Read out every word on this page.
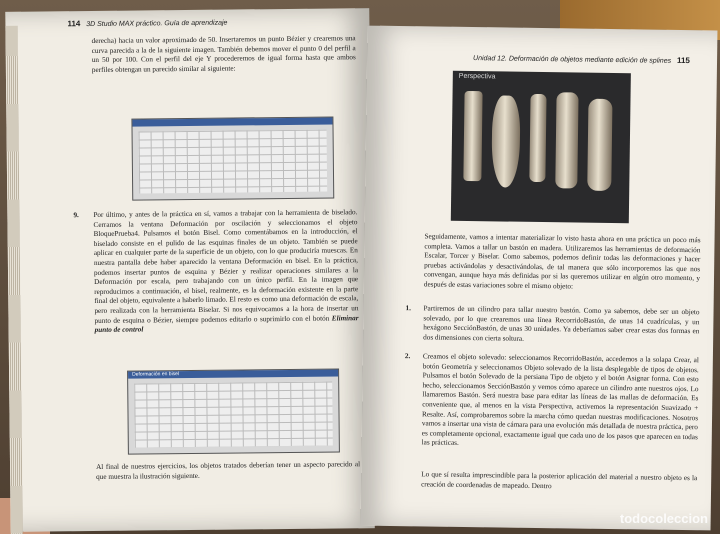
114 3D Studio MAX práctico. Guía de aprendizaje
derecha) hacia un valor aproximado de 50. Insertaremos un punto Bézier y crearemos una curva parecida a la de la siguiente imagen. También debemos mover el punto 0 del perfil a un 50 por 100. Con el perfil del eje Y procederemos de igual forma hasta que ambos perfiles obtengan un parecido similar al siguiente:
9.	Por último, y antes de la práctica en sí, vamos a trabajar con la herramienta de biselado. Cerramos la ventana Deformación por oscilación y seleccionamos el objeto BloquePrueba4. Pulsamos el botón Bisel. Como comentábamos en la introducción, el biselado consiste en el pulido de las esquinas finales de un objeto. También se puede aplicar en cualquier parte de la superficie de un objeto, con lo que produciría muescas. En nuestra pantalla debe haber aparecido la ventana Deformación en bisel. En la práctica, podemos insertar puntos de esquina y Bézier y realizar operaciones similares a la Deformación por escala, pero trabajando con un único perfil. En la imagen que reproducimos a continuación, el bisel, realmente, es la deformación existente en la parte final del objeto, equivalente a haberlo limado. El resto es como una deformación de escala, pero realizada con la herramienta Biselar. Si nos equivocamos a la hora de insertar un punto de esquina o Bézier, siempre podemos editarlo o suprimirlo con el botón Eliminar punto de control
Deformación en bisel
Al final de nuestros ejercicios, los objetos tratados deberían tener un aspecto parecido al que muestra la ilustración siguiente.
Unidad 12. Deformación de objetos mediante edición de splines 115
Perspectiva
Seguidamente, vamos a intentar materializar lo visto hasta ahora en una práctica un poco más completa. Vamos a tallar un bastón en madera. Utilizaremos las herramientas de deformación Escalar, Torcer y Biselar. Como sabemos, podemos definir todas las deformaciones y hacer pruebas activándolas y desactivándolas, de tal manera que sólo incorporemos las que nos convengan, aunque haya más definidas por si las queremos utilizar en algún otro momento, y después de estas variaciones sobre el mismo objeto:
1.	Partiremos de un cilindro para tallar nuestro bastón. Como ya sabemos, debe ser un objeto solevado, por lo que crearemos una línea RecorridoBastón, de unas 14 cuadrículas, y un hexágono SecciónBastón, de unas 30 unidades. Ya deberíamos saber crear estas dos formas en dos dimensiones con cierta soltura.
2.	Creamos el objeto solevado: seleccionamos RecorridoBastón, accedemos a la solapa Crear, al botón Geometría y seleccionamos Objeto solevado de la lista desplegable de tipos de objetos. Pulsamos el botón Solevado de la persiana Tipo de objeto y el botón Asignar forma. Con esto hecho, seleccionamos SecciónBastón y vemos cómo aparece un cilindro ante nuestros ojos. Lo llamaremos Bastón. Será nuestra base para editar las líneas de las mallas de deformación. Es conveniente que, al menos en la vista Perspectiva, activemos la representación Suavizado + Resalte. Así, comprobaremos sobre la marcha cómo quedan nuestras modificaciones. Nosotros vamos a insertar una vista de cámara para una evolución más detallada de nuestra práctica, pero es completamente opcional, exactamente igual que cada uno de los pasos que aparecen en todas las prácticas.
Lo que sí resulta imprescindible para la posterior aplicación del material a nuestro objeto es la creación de coordenadas de mapeado. Dentro
todocoleccion
